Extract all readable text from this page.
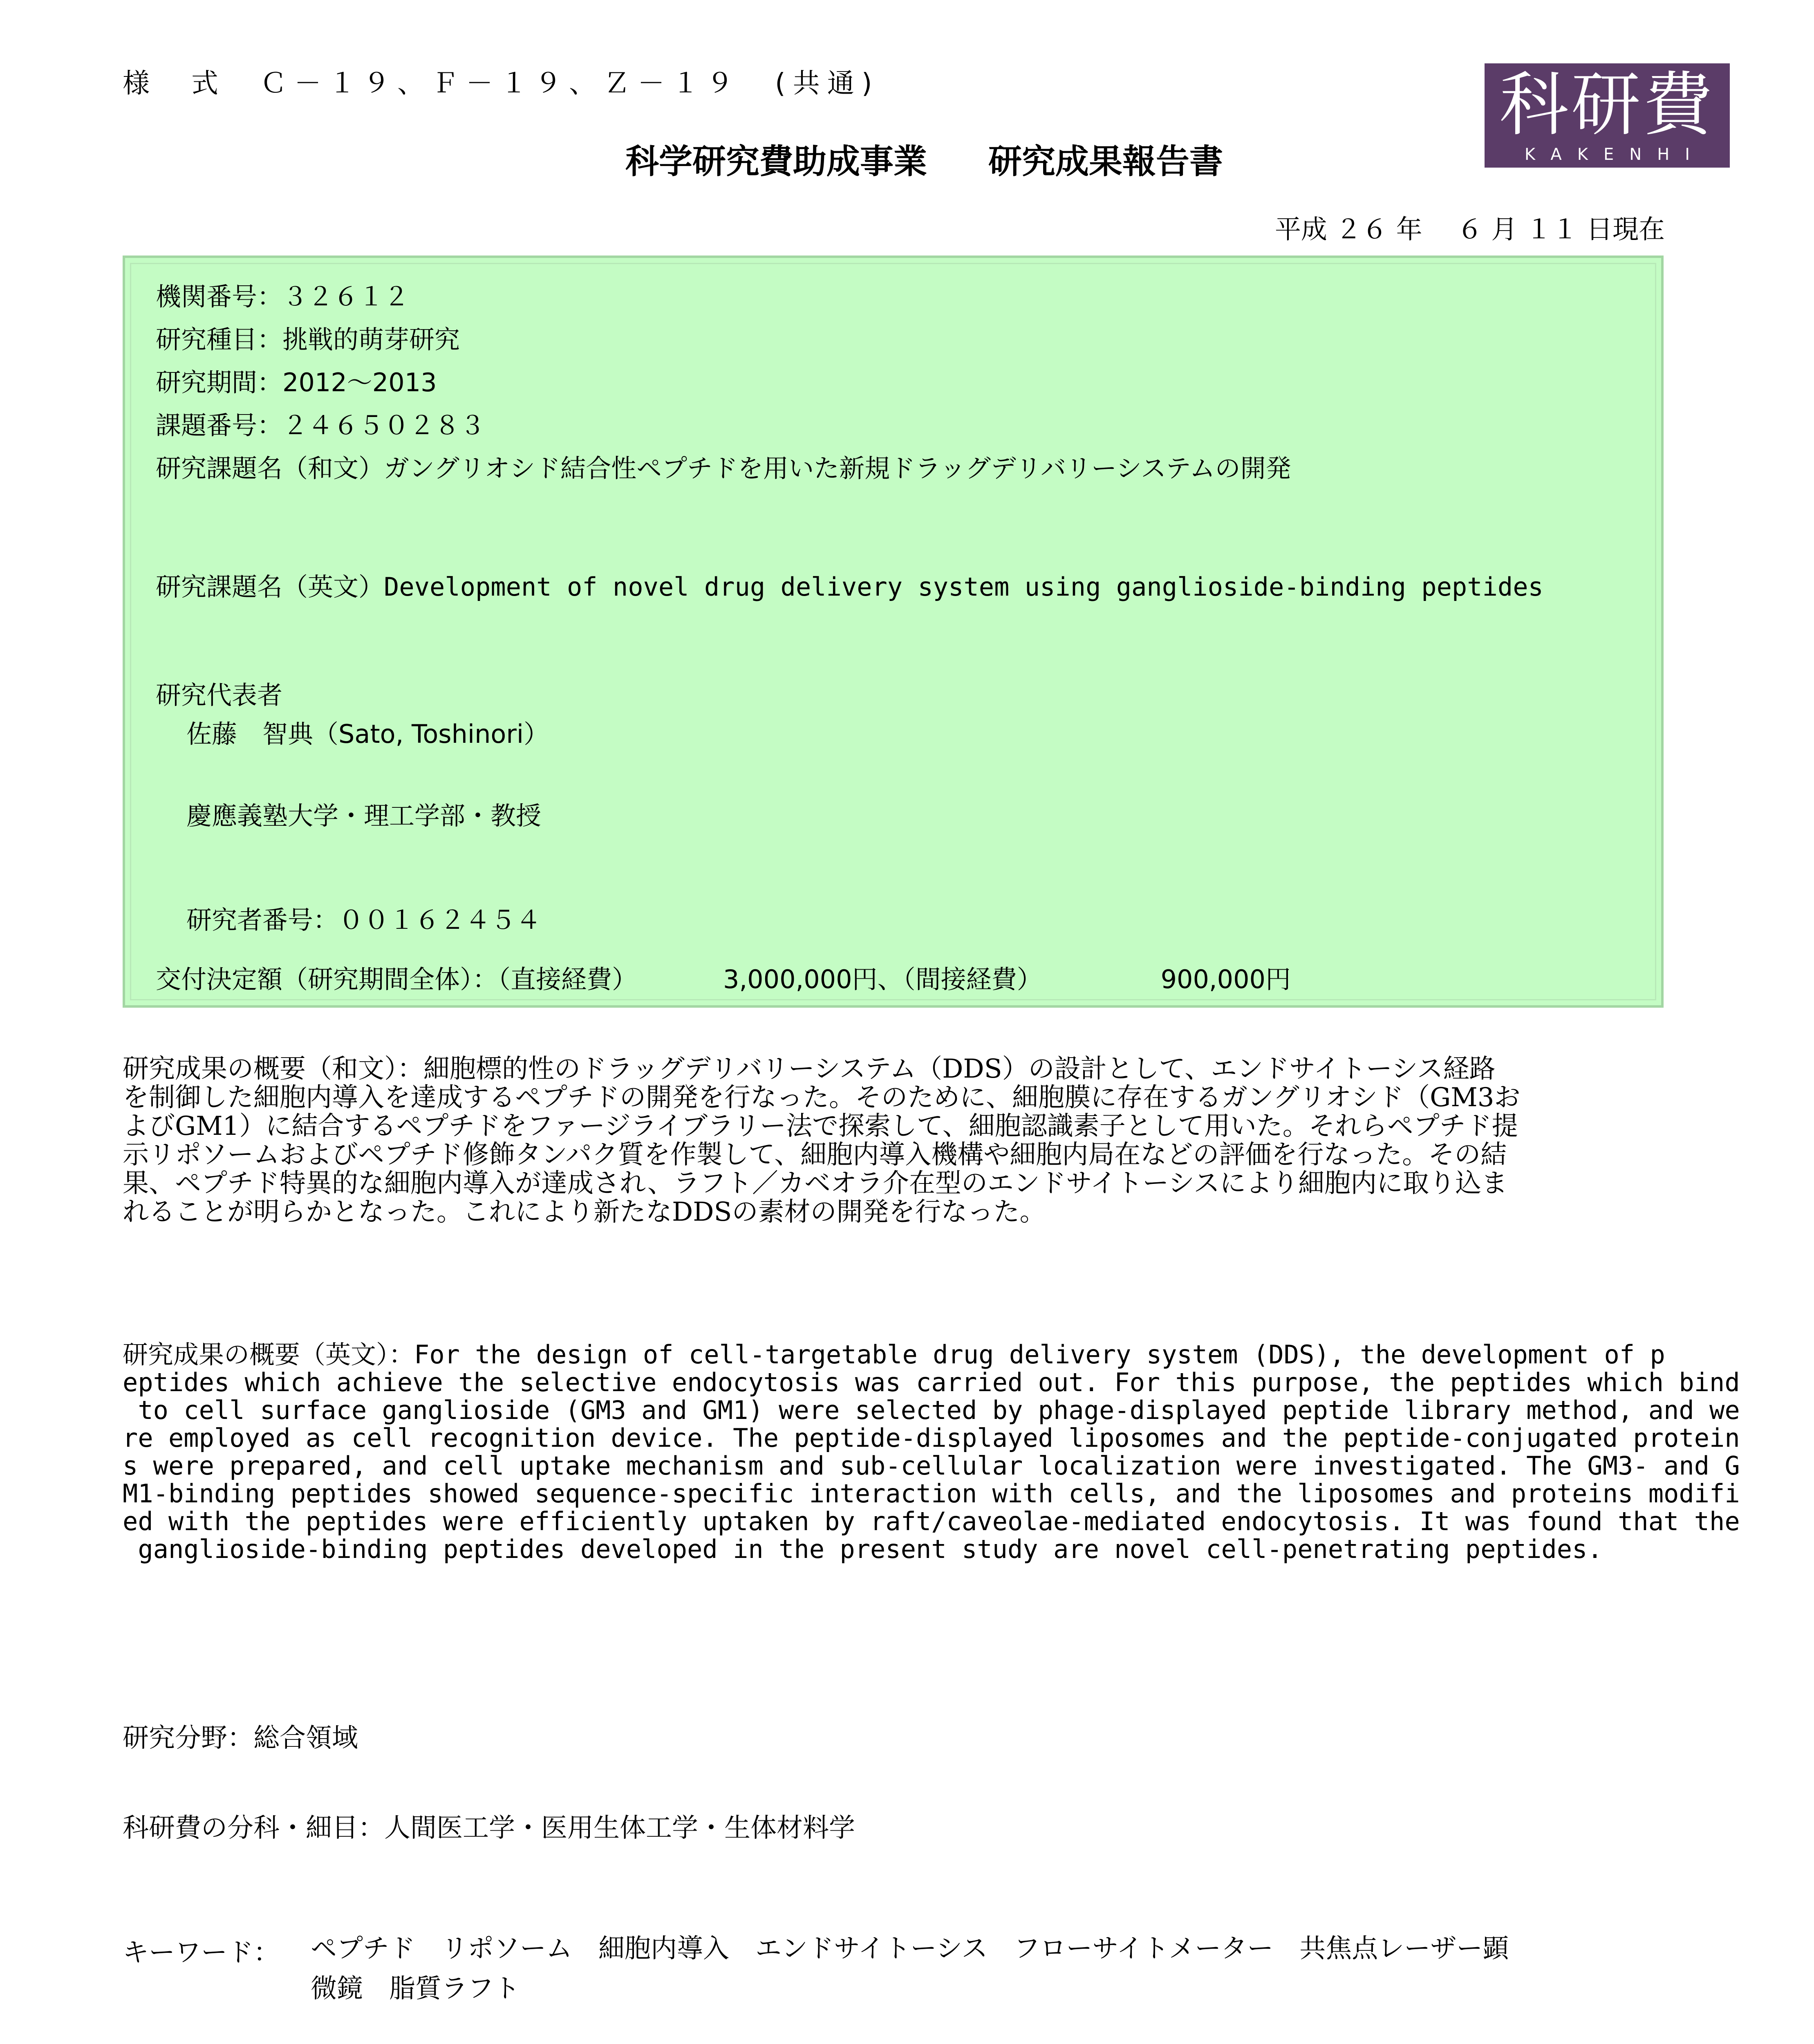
様　式　Ｃ－１９、Ｆ－１９、Ｚ－１９　(共通)
科学研究費助成事業 研究成果報告書
科研費
KAKENHI
平成 ２６ 年　 ６ 月 １１ 日現在
機関番号：３２６１２
研究種目：挑戦的萌芽研究
研究期間：2012～2013
課題番号：２４６５０２８３
研究課題名（和文）ガングリオシド結合性ペプチドを用いた新規ドラッグデリバリーシステムの開発
研究課題名（英文）Development of novel drug delivery system using ganglioside-binding peptides
研究代表者
佐藤　智典（Sato, Toshinori）
慶應義塾大学・理工学部・教授
研究者番号：００１６２４５４
交付決定額（研究期間全体）：（直接経費）	3,000,000円、（間接経費）	900,000円

研究成果の概要（和文）：細胞標的性のドラッグデリバリーシステム（DDS）の設計として、エンドサイトーシス経路

を制御した細胞内導入を達成するペプチドの開発を行なった。そのために、細胞膜に存在するガングリオシド（GM3お

よびGM1）に結合するペプチドをファージライブラリー法で探索して、細胞認識素子として用いた。それらペプチド提

示リポソームおよびペプチド修飾タンパク質を作製して、細胞内導入機構や細胞内局在などの評価を行なった。その結

果、ペプチド特異的な細胞内導入が達成され、ラフト／カベオラ介在型のエンドサイトーシスにより細胞内に取り込ま

れることが明らかとなった。これにより新たなDDSの素材の開発を行なった。

研究成果の概要（英文）：For the design of cell-targetable drug delivery system (DDS), the development of p

eptides which achieve the selective endocytosis was carried out. For this purpose, the peptides which bind

to cell surface ganglioside (GM3 and GM1) were selected by phage-displayed peptide library method, and we

re employed as cell recognition device. The peptide-displayed liposomes and the peptide-conjugated protein

s were prepared, and cell uptake mechanism and sub-cellular localization were investigated. The GM3- and G

M1-binding peptides showed sequence-specific interaction with cells, and the liposomes and proteins modifi

ed with the peptides were efficiently uptaken by raft/caveolae-mediated endocytosis. It was found that the

ganglioside-binding peptides developed in the present study are novel cell-penetrating peptides.

研究分野：総合領域
科研費の分科・細目：人間医工学・医用生体工学・生体材料学
キーワード： ペプチド　リポソーム　細胞内導入　エンドサイトーシス　フローサイトメーター　共焦点レーザー顕
微鏡　脂質ラフト
